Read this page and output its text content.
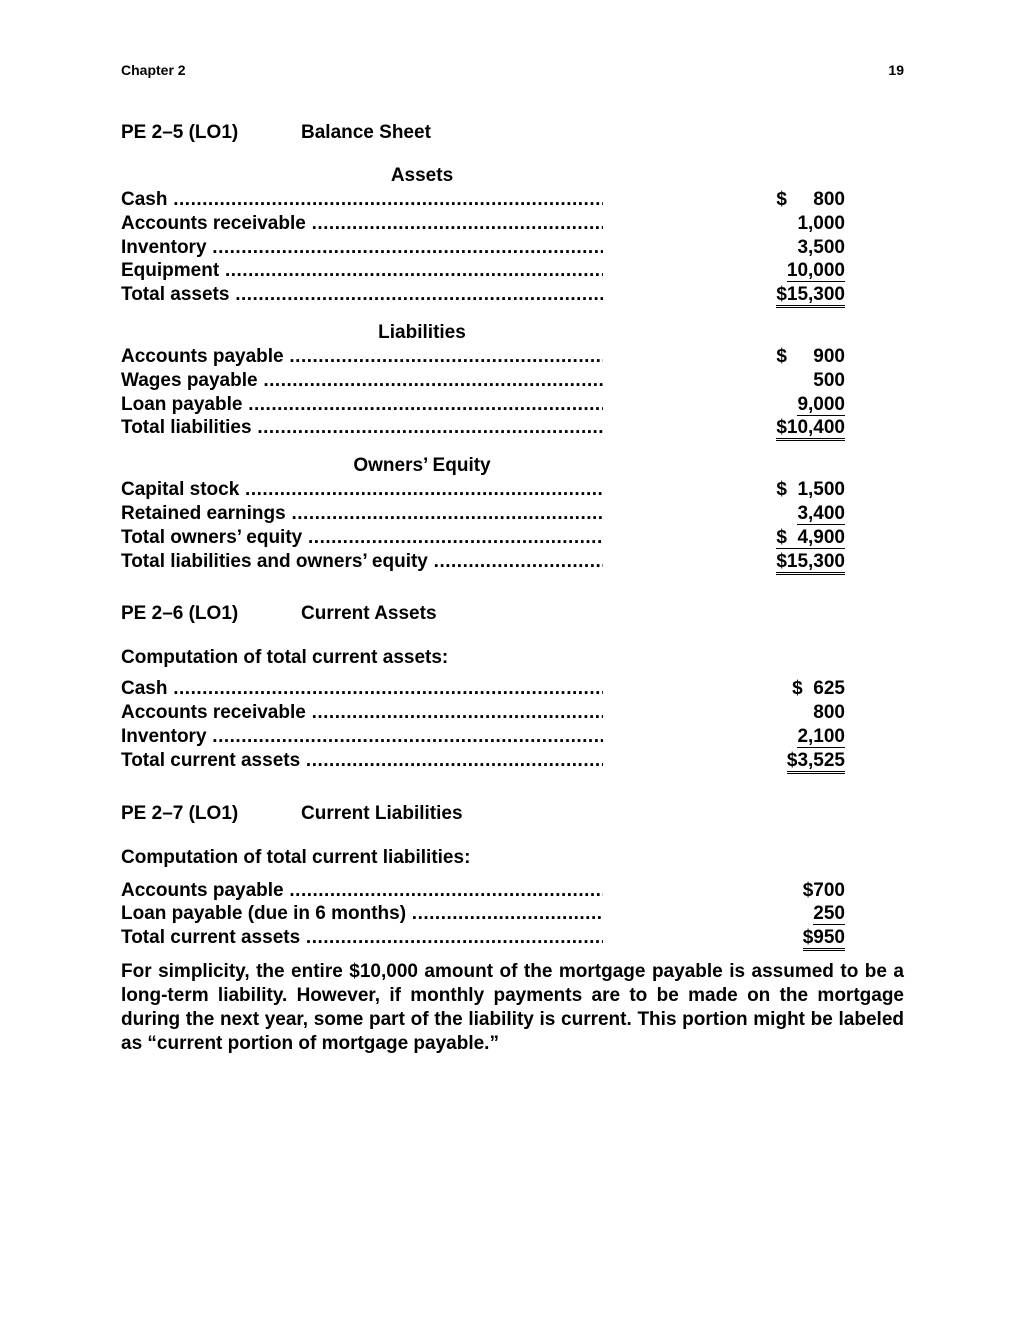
Chapter 2	19
PE 2–5 (LO1)	Balance Sheet
Assets
Cash .....	$     800
Accounts receivable .....	1,000
Inventory .....	3,500
Equipment .....	10,000
Total assets .....	$15,300
Liabilities
Accounts payable .....	$     900
Wages payable .....	500
Loan payable .....	9,000
Total liabilities .....	$10,400
Owners’ Equity
Capital stock .....	$  1,500
Retained earnings .....	3,400
Total owners’ equity .....	$  4,900
Total liabilities and owners’ equity .....	$15,300
PE 2–6 (LO1)	Current Assets
Computation of total current assets:
Cash .....	$  625
Accounts receivable .....	800
Inventory .....	2,100
Total current assets .....	$3,525
PE 2–7 (LO1)	Current Liabilities
Computation of total current liabilities:
Accounts payable .....	$700
Loan payable (due in 6 months) .....	250
Total current assets .....	$950
For simplicity, the entire $10,000 amount of the mortgage payable is assumed to be a long-term liability. However, if monthly payments are to be made on the mortgage during the next year, some part of the liability is current. This portion might be labeled as “current portion of mortgage payable.”
